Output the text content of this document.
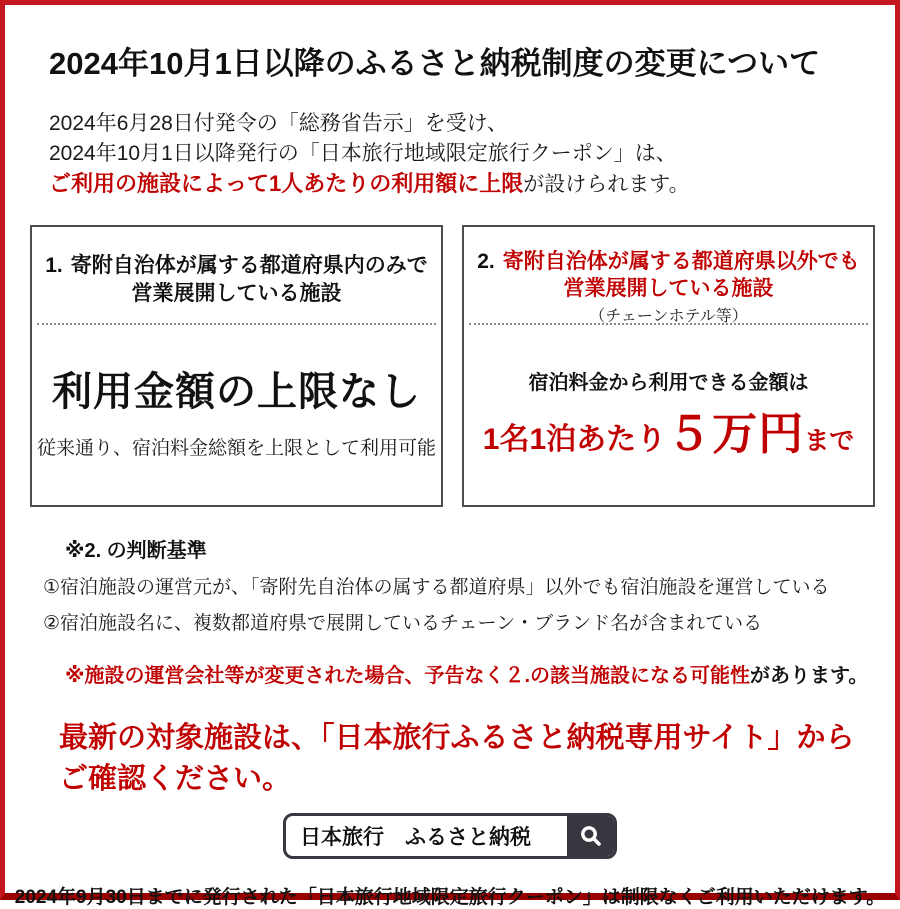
2024年10月1日以降のふるさと納税制度の変更について
2024年6月28日付発令の「総務省告示」を受け、
2024年10月1日以降発行の「日本旅行地域限定旅行クーポン」は、
ご利用の施設によって1人あたりの利用額に上限が設けられます。
1. 寄附自治体が属する都道府県内のみで
営業展開している施設
利用金額の上限なし
従来通り、宿泊料金総額を上限として利用可能
2. 寄附自治体が属する都道府県以外でも
営業展開している施設
（チェーンホテル等）
宿泊料金から利用できる金額は
1名1泊あたり５万円まで
※2. の判断基準
①宿泊施設の運営元が、「寄附先自治体の属する都道府県」以外でも宿泊施設を運営している
②宿泊施設名に、複数都道府県で展開しているチェーン・ブランド名が含まれている
※施設の運営会社等が変更された場合、予告なく２.の該当施設になる可能性があります。
最新の対象施設は、「日本旅行ふるさと納税専用サイト」から
ご確認ください。
日本旅行　ふるさと納税
2024年9月30日までに発行された「日本旅行地域限定旅行クーポン」は制限なくご利用いただけます。
